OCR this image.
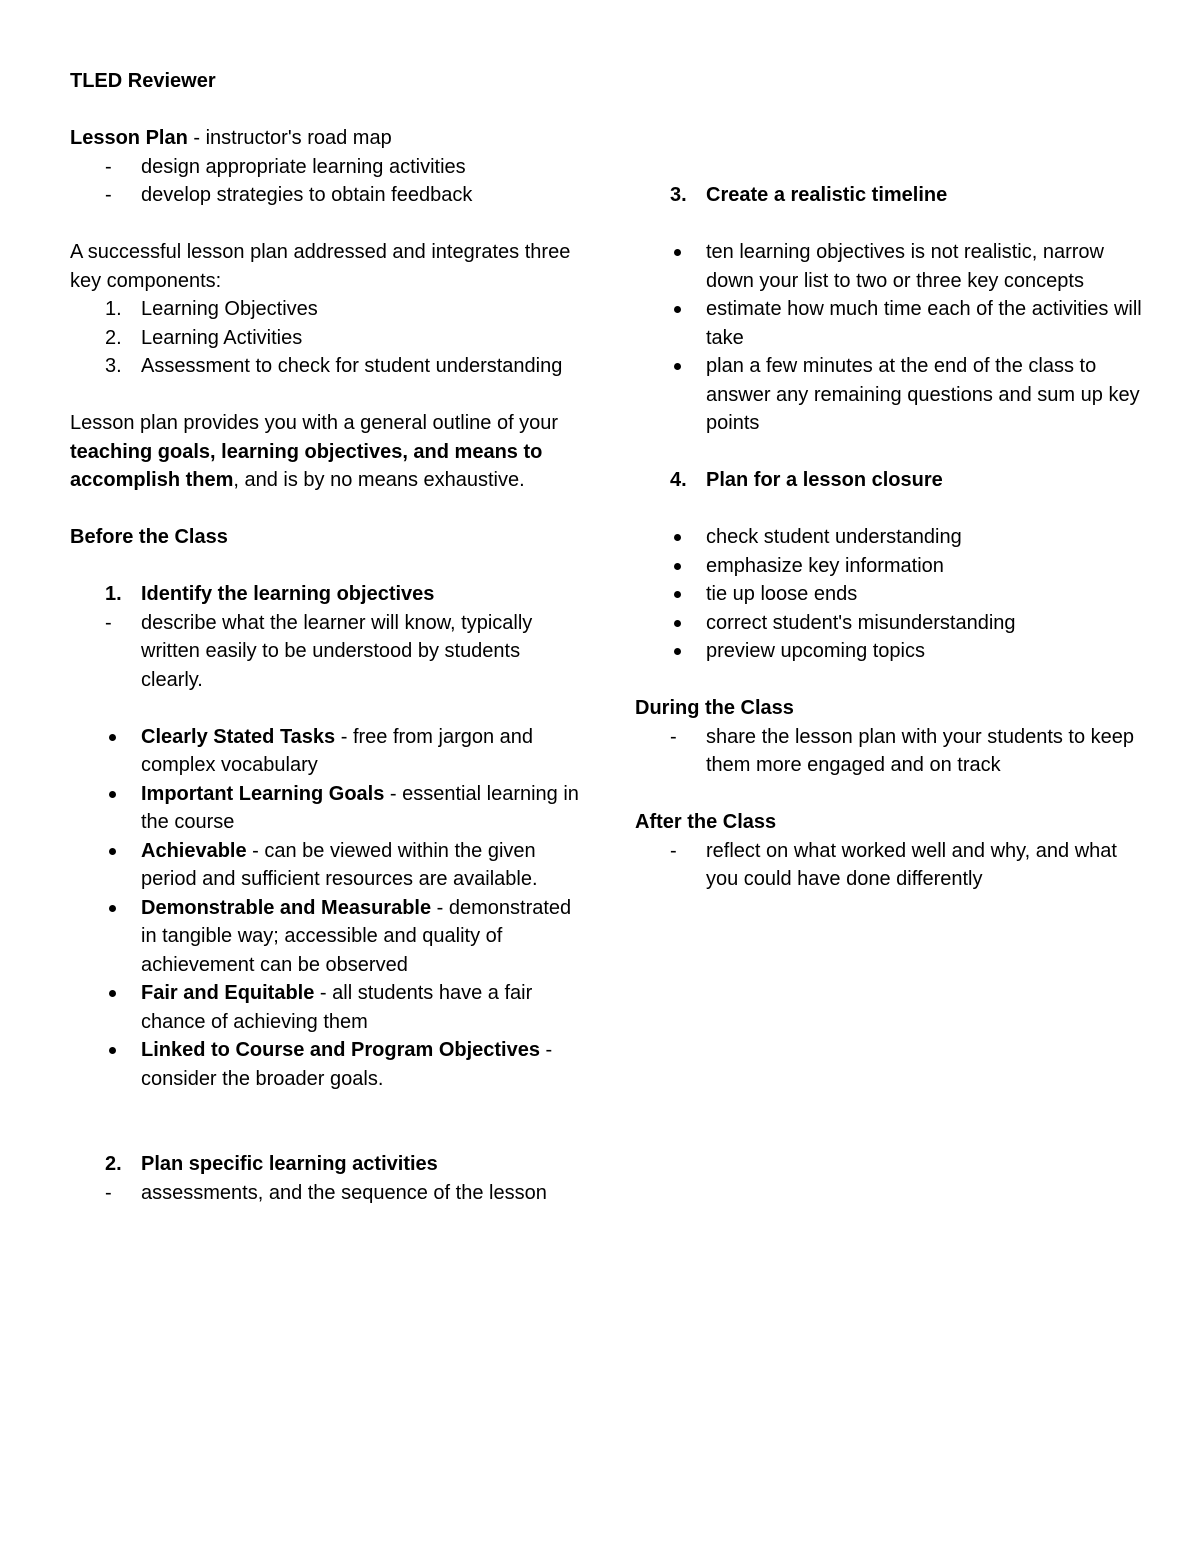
TLED Reviewer

Lesson Plan - instructor's road map

- design appropriate learning activities
- develop strategies to obtain feedback

A successful lesson plan addressed and integrates three key components:

1. Learning Objectives
2. Learning Activities
3. Assessment to check for student understanding

Lesson plan provides you with a general outline of your teaching goals, learning objectives, and means to accomplish them, and is by no means exhaustive.

Before the Class

1. Identify the learning objectives
- describe what the learner will know, typically written easily to be understood by students clearly.
Clearly Stated Tasks - free from jargon and complex vocabulary
Important Learning Goals - essential learning in the course
Achievable - can be viewed within the given period and sufficient resources are available.
Demonstrable and Measurable - demonstrated in tangible way; accessible and quality of achievement can be observed
Fair and Equitable - all students have a fair chance of achieving them
Linked to Course and Program Objectives - consider the broader goals.
2. Plan specific learning activities
- assessments, and the sequence of the lesson
3. Create a realistic timeline
ten learning objectives is not realistic, narrow down your list to two or three key concepts
estimate how much time each of the activities will take
plan a few minutes at the end of the class to answer any remaining questions and sum up key points
4. Plan for a lesson closure
check student understanding
emphasize key information
tie up loose ends
correct student's misunderstanding
preview upcoming topics

During the Class

- share the lesson plan with your students to keep them more engaged and on track

After the Class

- reflect on what worked well and why, and what you could have done differently
